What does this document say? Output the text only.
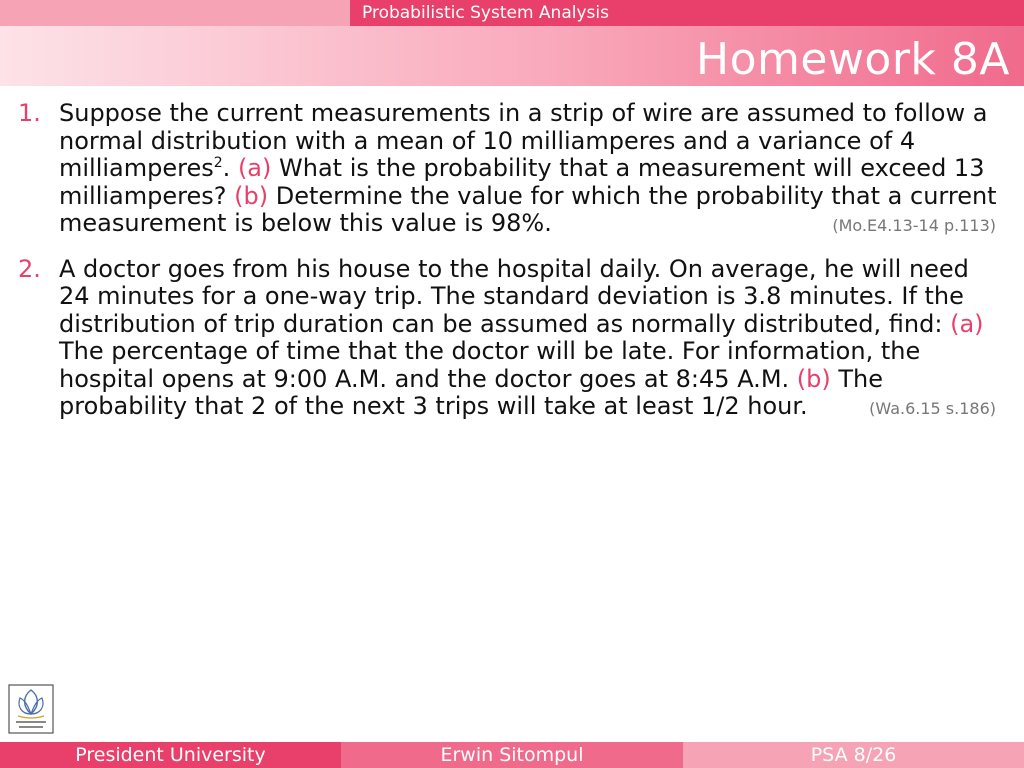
Probabilistic System Analysis
Homework 8A
1. Suppose the current measurements in a strip of wire are assumed to follow a normal distribution with a mean of 10 milliamperes and a variance of 4 milliamperes$^2$. (a) What is the probability that a measurement will exceed 13 milliamperes? (b) Determine the value for which the probability that a current measurement is below this value is 98%.	(Mo.E4.13-14 p.113)
2. A doctor goes from his house to the hospital daily. On average, he will need 24 minutes for a one-way trip. The standard deviation is 3.8 minutes. If the distribution of trip duration can be assumed as normally distributed, find: (a) The percentage of time that the doctor will be late. For information, the hospital opens at 9:00 A.M. and the doctor goes at 8:45 A.M. (b) The probability that 2 of the next 3 trips will take at least 1/2 hour.	(Wa.6.15 s.186)
President University	Erwin Sitompul	PSA 8/26
